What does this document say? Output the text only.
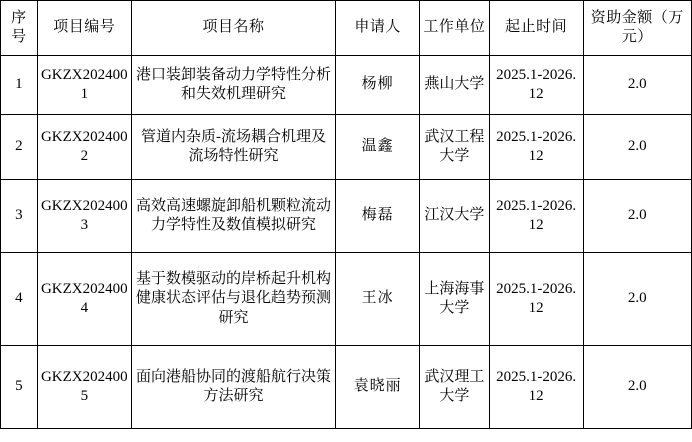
序号	项目编号	项目名称	申请人	工作单位	起止时间	资助金额（万元）
1	GKZX2024001	港口装卸装备动力学特性分析和失效机理研究	杨柳	燕山大学	2025.1-2026.12	2.0
2	GKZX2024002	管道内杂质-流场耦合机理及流场特性研究	温鑫	武汉工程大学	2025.1-2026.12	2.0
3	GKZX2024003	高效高速螺旋卸船机颗粒流动力学特性及数值模拟研究	梅磊	江汉大学	2025.1-2026.12	2.0
4	GKZX2024004	基于数模驱动的岸桥起升机构健康状态评估与退化趋势预测研究	王冰	上海海事大学	2025.1-2026.12	2.0
5	GKZX2024005	面向港船协同的渡船航行决策方法研究	袁晓丽	武汉理工大学	2025.1-2026.12	2.0
